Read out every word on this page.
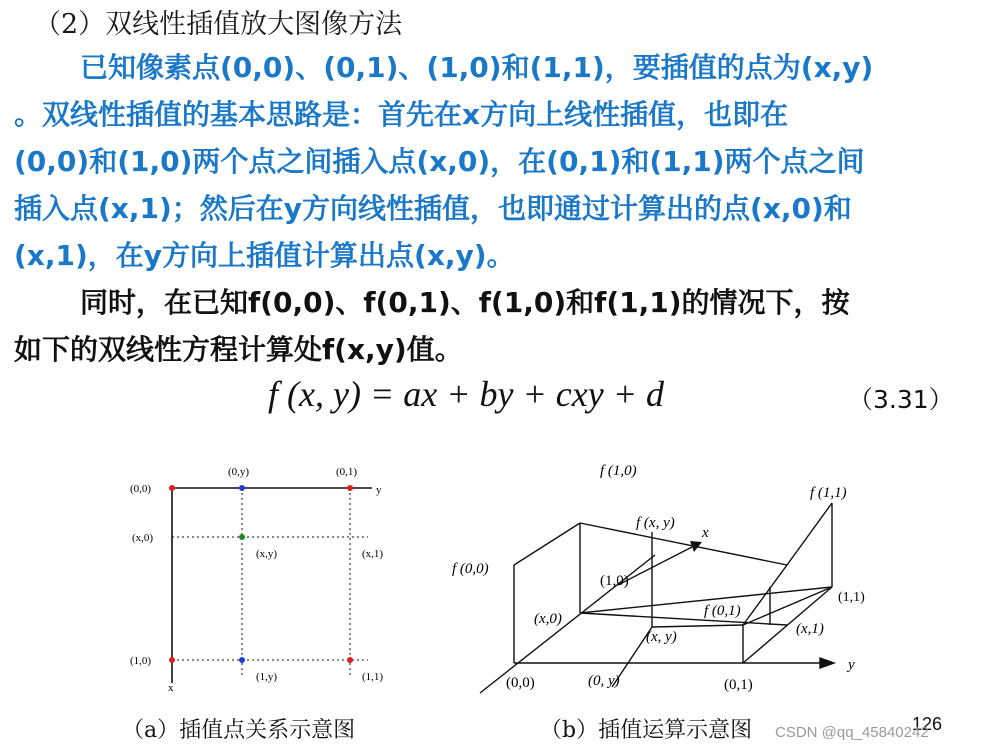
（2）双线性插值放大图像方法
已知像素点(0,0)、(0,1)、(1,0)和(1,1)，要插值的点为(x,y)
。双线性插值的基本思路是：首先在x方向上线性插值，也即在
(0,0)和(1,0)两个点之间插入点(x,0)，在(0,1)和(1,1)两个点之间
插入点(x,1)；然后在y方向线性插值，也即通过计算出的点(x,0)和
(x,1)，在y方向上插值计算出点(x,y)。
同时，在已知f(0,0)、f(0,1)、f(1,0)和f(1,1)的情况下，按
如下的双线性方程计算处f(x,y)值。
f (x, y) = ax + by + cxy + d	（3.31）
(0,0)
(0,y)	(0,1)
y
(x,0)
(x,y)	(x,1)
(1,0)
(1,y)	(1,1)
x
f (1,0)
f (1,1)
f (x, y)
x
f (0,0)
(1,0)
(1,1)
f (0,1)
(x,0)
(x,1)
(x, y)
y
(0,0)	(0, y)	(0,1)
（a）插值点关系示意图	（b）插值运算示意图	126
CSDN @qq_45840242
